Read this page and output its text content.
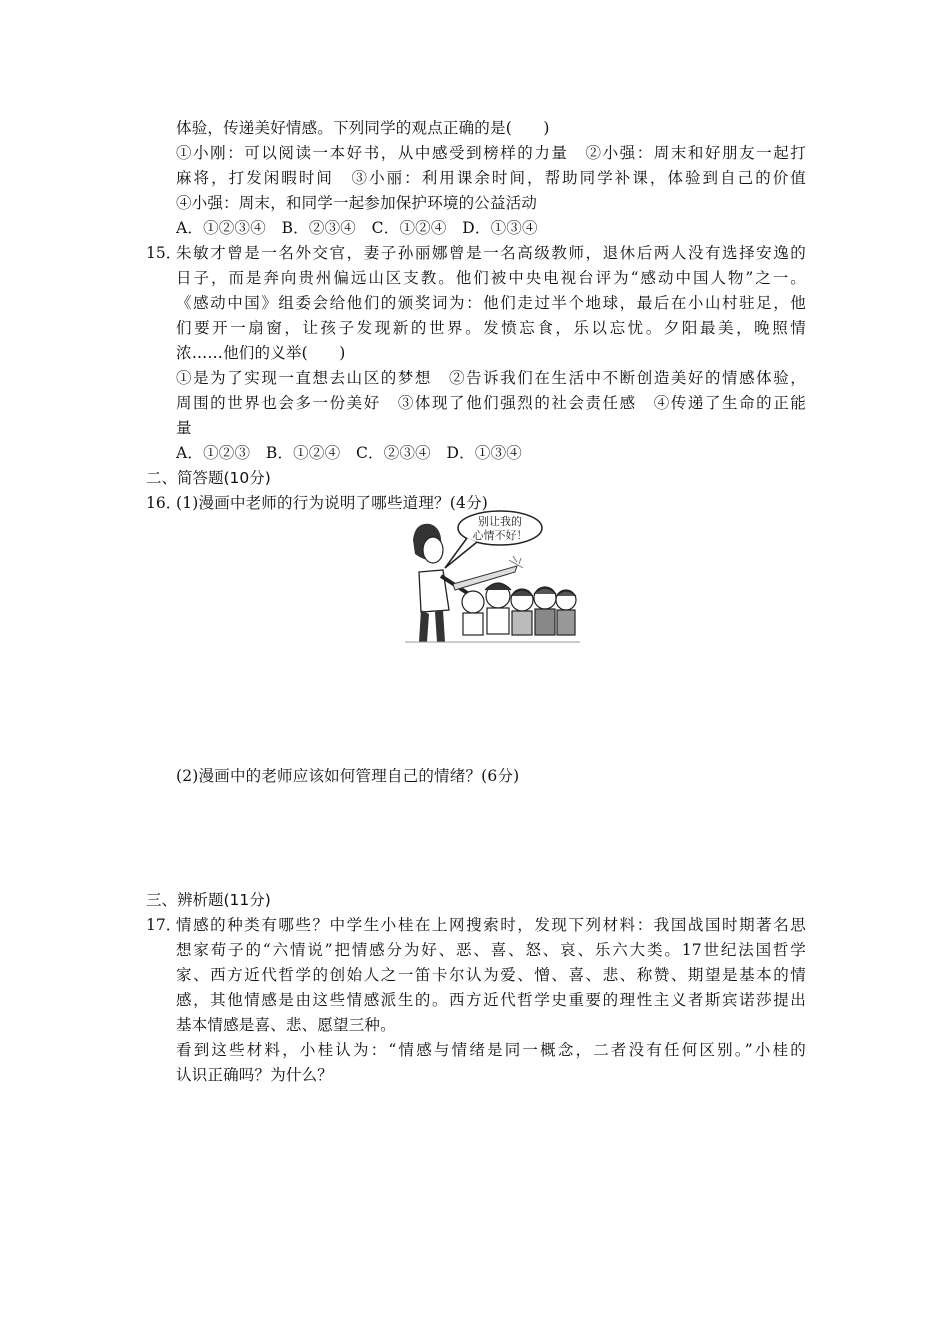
体验，传递美好情感。下列同学的观点正确的是(　　)
①小刚：可以阅读一本好书，从中感受到榜样的力量　②小强：周末和好朋友一起打
麻将，打发闲暇时间　③小丽：利用课余时间，帮助同学补课，体验到自己的价值
④小强：周末，和同学一起参加保护环境的公益活动
A．①②③④　B．②③④　C．①②④　D．①③④
15．
朱敏才曾是一名外交官，妻子孙丽娜曾是一名高级教师，退休后两人没有选择安逸的
日子，而是奔向贵州偏远山区支教。他们被中央电视台评为“感动中国人物”之一。
《感动中国》组委会给他们的颁奖词为：他们走过半个地球，最后在小山村驻足，他
们要开一扇窗，让孩子发现新的世界。发愤忘食，乐以忘忧。夕阳最美，晚照情
浓……他们的义举(　　)
①是为了实现一直想去山区的梦想　②告诉我们在生活中不断创造美好的情感体验，
周围的世界也会多一份美好　③体现了他们强烈的社会责任感　④传递了生命的正能
量
A．①②③　B．①②④　C．②③④　D．①③④
二、简答题(10分)
16．
(1)漫画中老师的行为说明了哪些道理？(4分)
别让我的
心情不好！
(2)漫画中的老师应该如何管理自己的情绪？(6分)
三、辨析题(11分)
17．
情感的种类有哪些？中学生小桂在上网搜索时，发现下列材料：我国战国时期著名思
想家荀子的“六情说”把情感分为好、恶、喜、怒、哀、乐六大类。17世纪法国哲学
家、西方近代哲学的创始人之一笛卡尔认为爱、憎、喜、悲、称赞、期望是基本的情
感，其他情感是由这些情感派生的。西方近代哲学史重要的理性主义者斯宾诺莎提出
基本情感是喜、悲、愿望三种。
看到这些材料，小桂认为：“情感与情绪是同一概念，二者没有任何区别。”小桂的
认识正确吗？为什么？
